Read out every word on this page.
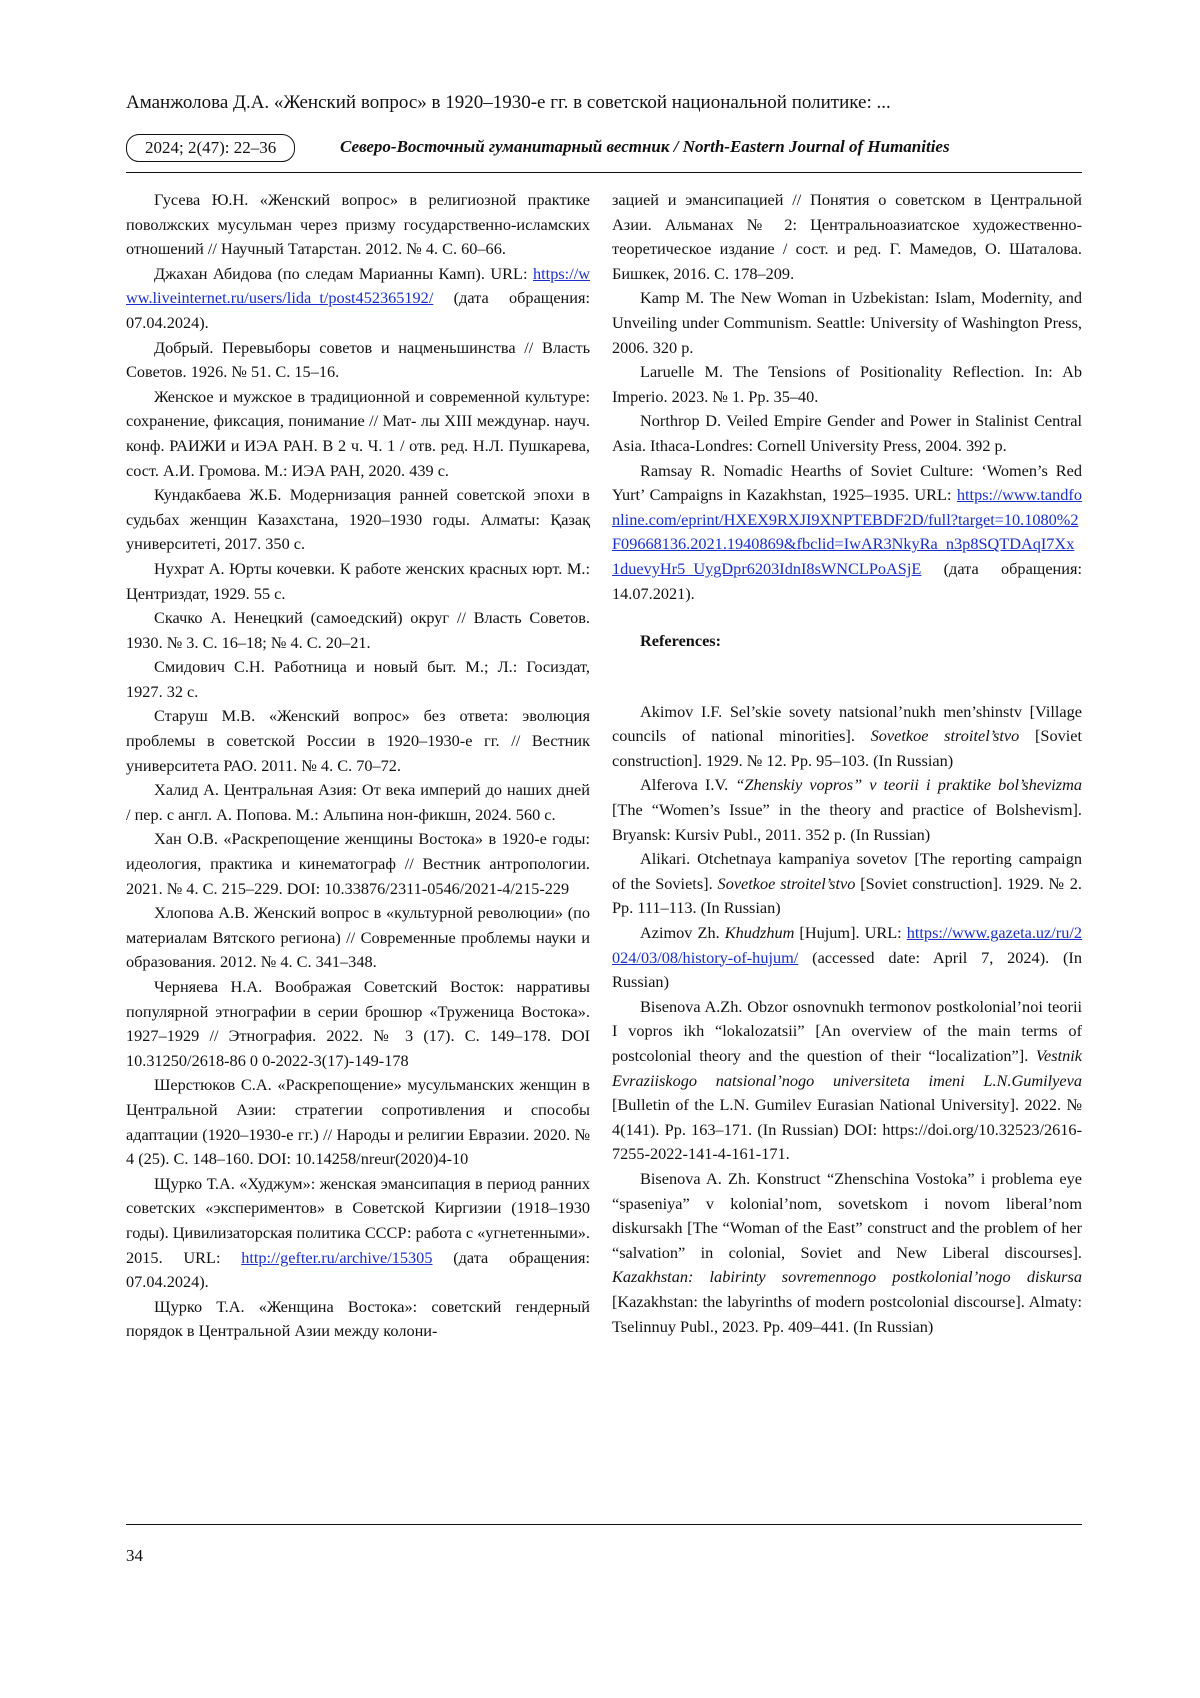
Аманжолова Д.А. «Женский вопрос» в 1920–1930-е гг. в советской национальной политике: ...
2024; 2(47): 22–36	Северо-Восточный гуманитарный вестник / North-Eastern Journal of Humanities

Гусева Ю.Н. «Женский вопрос» в религиозной практике поволжских мусульман через призму государственно-исламских отношений // Научный Татарстан. 2012. № 4. С. 60–66.

Джахан Абидова (по следам Марианны Камп). URL: https://www.liveinternet.ru/users/lida_t/post452365192/ (дата обращения: 07.04.2024).

Добрый. Перевыборы советов и нацменьшинства // Власть Советов. 1926. № 51. С. 15–16.

Женское и мужское в традиционной и современной культуре: сохранение, фиксация, понимание // Мат- лы XIII междунар. науч. конф. РАИЖИ и ИЭА РАН. В 2 ч. Ч. 1 / отв. ред. Н.Л. Пушкарева, сост. А.И. Громова. М.: ИЭА РАН, 2020. 439 с.

Кундакбаева Ж.Б. Модернизация ранней советской эпохи в судьбах женщин Казахстана, 1920–1930 годы. Алматы: Қазақ университеті, 2017. 350 с.

Нухрат А. Юрты кочевки. К работе женских красных юрт. М.: Центриздат, 1929. 55 с.

Скачко А. Ненецкий (самоедский) округ // Власть Советов. 1930. № 3. С. 16–18; № 4. С. 20–21.

Смидович С.Н. Работница и новый быт. М.; Л.: Госиздат, 1927. 32 с.

Старуш М.В. «Женский вопрос» без ответа: эволюция проблемы в советской России в 1920–1930-е гг. // Вестник университета РАО. 2011. № 4. С. 70–72.

Халид А. Центральная Азия: От века империй до наших дней / пер. с англ. А. Попова. М.: Альпина нон-фикшн, 2024. 560 с.

Хан О.В. «Раскрепощение женщины Востока» в 1920-е годы: идеология, практика и кинематограф // Вестник антропологии. 2021. № 4. С. 215–229. DOI: 10.33876/2311-0546/2021-4/215-229

Хлопова А.В. Женский вопрос в «культурной революции» (по материалам Вятского региона) // Современные проблемы науки и образования. 2012. № 4. С. 341–348.

Черняева Н.А. Воображая Советский Восток: нарративы популярной этнографии в серии брошюр «Труженица Востока». 1927–1929 // Этнография. 2022. № 3 (17). С. 149–178. DOI 10.31250/2618-86 0 0-2022-3(17)-149-178

Шерстюков С.А. «Раскрепощение» мусульманских женщин в Центральной Азии: стратегии сопротивления и способы адаптации (1920–1930-е гг.) // Народы и религии Евразии. 2020. № 4 (25). С. 148–160. DOI: 10.14258/nreur(2020)4-10

Щурко Т.А. «Худжум»: женская эмансипация в период ранних советских «экспериментов» в Советской Киргизии (1918–1930 годы). Цивилизаторская политика СССР: работа с «угнетенными». 2015. URL: http://gefter.ru/archive/15305 (дата обращения: 07.04.2024).

Щурко Т.А. «Женщина Востока»: советский гендерный порядок в Центральной Азии между колони-

зацией и эмансипацией // Понятия о советском в Центральной Азии. Альманах № 2: Центральноазиатское художественно-теоретическое издание / сост. и ред. Г. Мамедов, О. Шаталова. Бишкек, 2016. С. 178–209.

Kamp M. The New Woman in Uzbekistan: Islam, Modernity, and Unveiling under Communism. Seattle: University of Washington Press, 2006. 320 p.

Laruelle M. The Tensions of Positionality Reflection. In: Ab Imperio. 2023. № 1. Pp. 35–40.

Northrop D. Veiled Empire Gender and Power in Stalinist Central Asia. Ithaca-Londres: Cornell University Press, 2004. 392 p.

Ramsay R. Nomadic Hearths of Soviet Culture: ‘Women’s Red Yurt’ Campaigns in Kazakhstan, 1925–1935. URL: https://www.tandfonline.com/eprint/HXEX9RXJI9XNPTEBDF2D/full?target=10.1080%2F09668136.2021.1940869&fbclid=IwAR3NkyRa_n3p8SQTDAqI7Xx1duevyHr5_UygDpr6203IdnI8sWNCLPoASjE (дата обращения: 14.07.2021).

References:

Akimov I.F. Sel’skie sovety natsional’nukh men’shinstv [Village councils of national minorities]. Sovetkoe stroitel’stvo [Soviet construction]. 1929. № 12. Pp. 95–103. (In Russian)

Alferova I.V. “Zhenskiy vopros” v teorii i praktike bol’shevizma [The “Women’s Issue” in the theory and practice of Bolshevism]. Bryansk: Kursiv Publ., 2011. 352 p. (In Russian)

Alikari. Otchetnaya kampaniya sovetov [The reporting campaign of the Soviets]. Sovetkoe stroitel’stvo [Soviet construction]. 1929. № 2. Pp. 111–113. (In Russian)

Azimov Zh. Khudzhum [Hujum]. URL: https://www.gazeta.uz/ru/2024/03/08/history-of-hujum/ (accessed date: April 7, 2024). (In Russian)

Bisenova A.Zh. Obzor osnovnukh termonov postkolonial’noi teorii I vopros ikh “lokalozatsii” [An overview of the main terms of postcolonial theory and the question of their “localization”]. Vestnik Evraziiskogo natsional’nogo universiteta imeni L.N.Gumilyeva [Bulletin of the L.N. Gumilev Eurasian National University]. 2022. № 4(141). Pp. 163–171. (In Russian) DOI: https://doi.org/10.32523/2616-7255-2022-141-4-161-171.

Bisenova A. Zh. Konstruct “Zhenschina Vostoka” i problema eye “spaseniya” v kolonial’nom, sovetskom i novom liberal’nom diskursakh [The “Woman of the East” construct and the problem of her “salvation” in colonial, Soviet and New Liberal discourses]. Kazakhstan: labirinty sovremennogo postkolonial’nogo diskursa [Kazakhstan: the labyrinths of modern postcolonial discourse]. Almaty: Tselinnuy Publ., 2023. Pp. 409–441. (In Russian)

34
